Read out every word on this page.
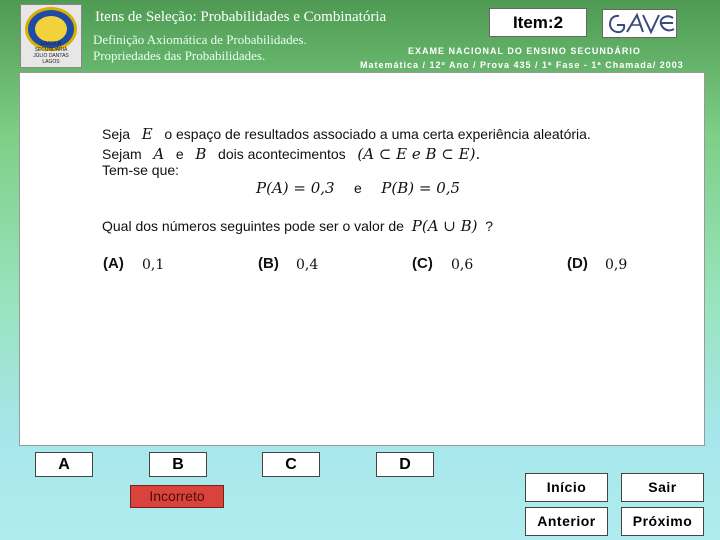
ESCOLA SECUNDÁRIA JÚLIO DANTAS LAGOS
Itens de Seleção: Probabilidades e Combinatória
Definição Axiomática de Probabilidades.
Propriedades das Probabilidades.
Item:2
EXAME NACIONAL DO ENSINO SECUNDÁRIO
Matemática / 12º Ano / Prova 435 / 1ª Fase - 1ª Chamada/ 2003
Seja E o espaço de resultados associado a uma certa experiência aleatória.
Sejam A e B dois acontecimentos (A ⊂ E e B ⊂ E).
Tem-se que:
P(A) = 0,3 e P(B) = 0,5
Qual dos números seguintes pode ser o valor de P(A ∪ B) ?
(A) 0,1	(B) 0,4	(C) 0,6	(D) 0,9
A	B	C	D
Incorreto
Início	Sair
Anterior	Próximo
